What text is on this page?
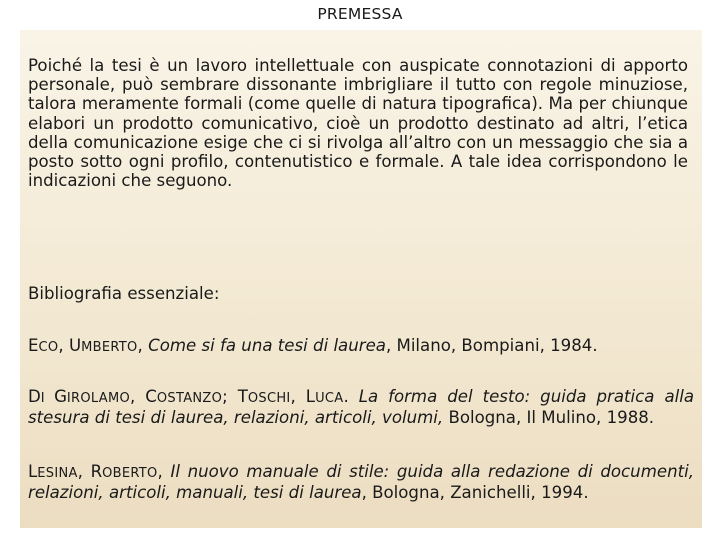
PREMESSA

Poiché la tesi è un lavoro intellettuale con auspicate connotazioni di apporto personale, può sembrare dissonante imbrigliare il tutto con regole minuziose, talora meramente formali (come quelle di natura tipografica). Ma per chiunque elabori un prodotto comunicativo, cioè un prodotto destinato ad altri, l’etica della comunicazione esige che ci si rivolga all’altro con un messaggio che sia a posto sotto ogni profilo, contenutistico e formale. A tale idea corrispondono le indicazioni che seguono.

Bibliografia essenziale:

ECO, UMBERTO, Come si fa una tesi di laurea, Milano, Bompiani, 1984.

DI GIROLAMO, COSTANZO; TOSCHI, LUCA. La forma del testo: guida pratica alla stesura di tesi di laurea, relazioni, articoli, volumi, Bologna, Il Mulino, 1988.

LESINA, ROBERTO, Il nuovo manuale di stile: guida alla redazione di documenti, relazioni, articoli, manuali, tesi di laurea, Bologna, Zanichelli, 1994.
